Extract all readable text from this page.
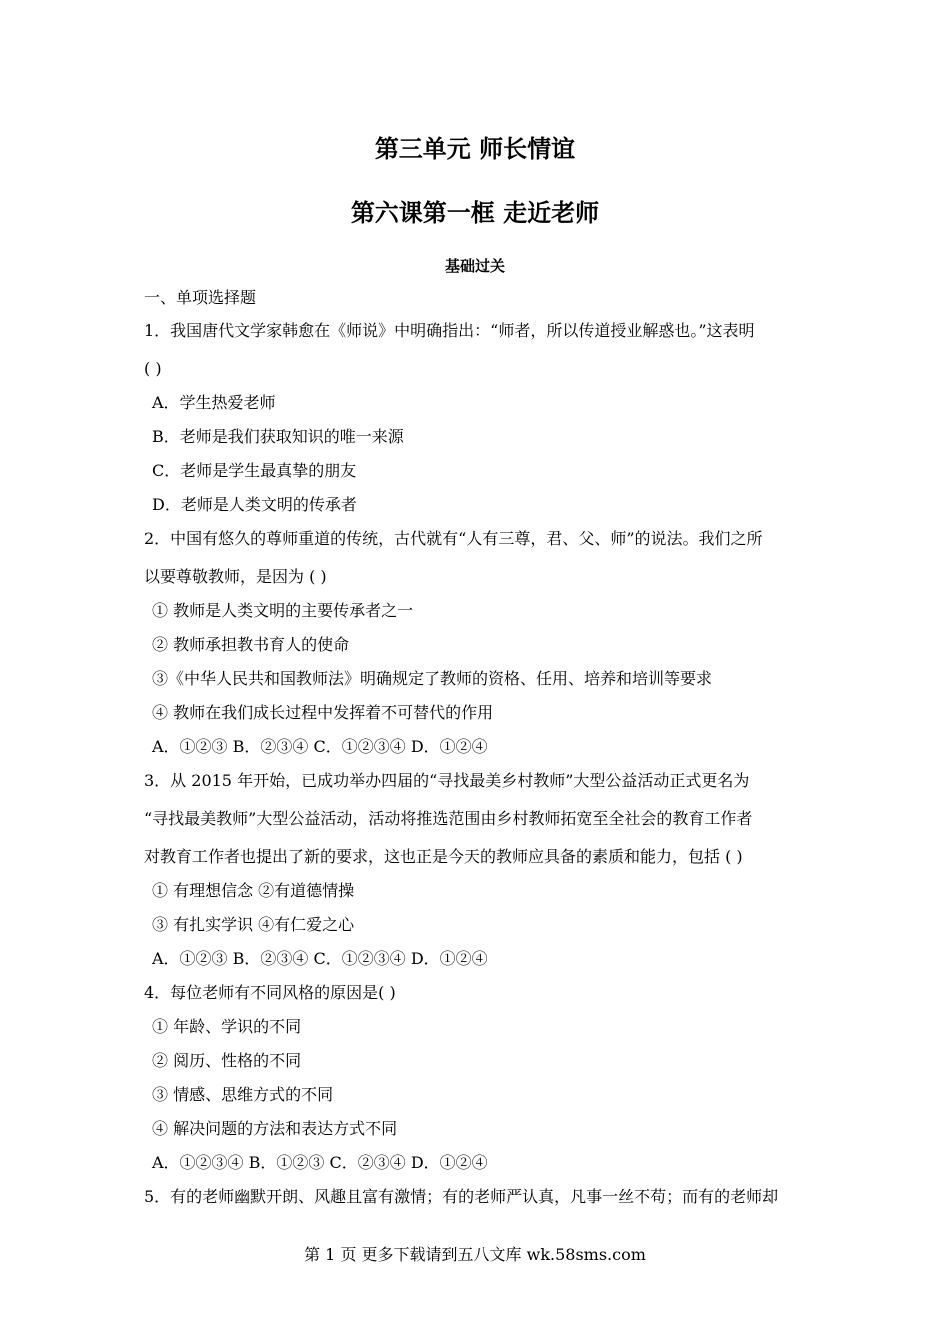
第三单元 师长情谊
第六课第一框 走近老师
基础过关
一、单项选择题
1．我国唐代文学家韩愈在《师说》中明确指出：“师者，所以传道授业解惑也。”这表明
( )
A．学生热爱老师
B．老师是我们获取知识的唯一来源
C．老师是学生最真挚的朋友
D．老师是人类文明的传承者
2．中国有悠久的尊师重道的传统，古代就有“人有三尊，君、父、师”的说法。我们之所
以要尊敬教师，是因为 ( )
① 教师是人类文明的主要传承者之一
② 教师承担教书育人的使命
③《中华人民共和国教师法》明确规定了教师的资格、任用、培养和培训等要求
④ 教师在我们成长过程中发挥着不可替代的作用
A．①②③ B．②③④ C．①②③④ D．①②④
3．从 2015 年开始，已成功举办四届的“寻找最美乡村教师”大型公益活动正式更名为
“寻找最美教师”大型公益活动，活动将推选范围由乡村教师拓宽至全社会的教育工作者
对教育工作者也提出了新的要求，这也正是今天的教师应具备的素质和能力，包括 ( )
① 有理想信念 ②有道德情操
③ 有扎实学识 ④有仁爱之心
A．①②③ B．②③④ C．①②③④ D．①②④
4．每位老师有不同风格的原因是( )
① 年龄、学识的不同
② 阅历、性格的不同
③ 情感、思维方式的不同
④ 解决问题的方法和表达方式不同
A．①②③④ B．①②③ C．②③④ D．①②④
5．有的老师幽默开朗、风趣且富有激情；有的老师严认真，凡事一丝不苟；而有的老师却
第 1 页 更多下载请到五八文库 wk.58sms.com
